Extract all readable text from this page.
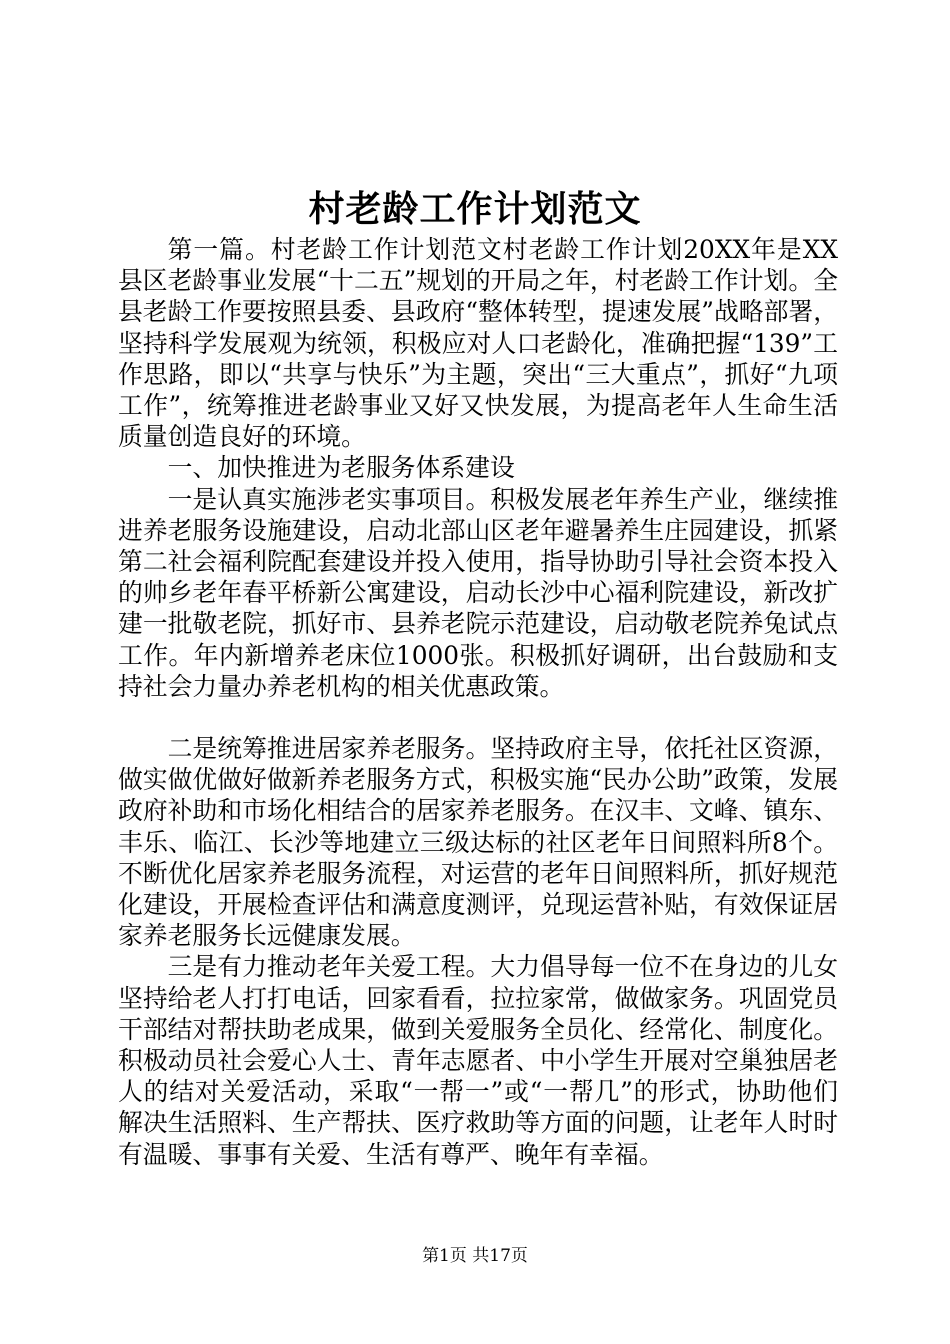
村老龄工作计划范文

第一篇。村老龄工作计划范文村老龄工作计划20XX年是XX县区老龄事业发展“十二五”规划的开局之年，村老龄工作计划。全县老龄工作要按照县委、县政府“整体转型，提速发展”战略部署，坚持科学发展观为统领，积极应对人口老龄化，准确把握“139”工作思路，即以“共享与快乐”为主题，突出“三大重点”，抓好“九项工作”，统筹推进老龄事业又好又快发展，为提高老年人生命生活质量创造良好的环境。

一、加快推进为老服务体系建设

一是认真实施涉老实事项目。积极发展老年养生产业，继续推进养老服务设施建设，启动北部山区老年避暑养生庄园建设，抓紧第二社会福利院配套建设并投入使用，指导协助引导社会资本投入的帅乡老年春平桥新公寓建设，启动长沙中心福利院建设，新改扩建一批敬老院，抓好市、县养老院示范建设，启动敬老院养兔试点工作。年内新增养老床位1000张。积极抓好调研，出台鼓励和支持社会力量办养老机构的相关优惠政策。

二是统筹推进居家养老服务。坚持政府主导，依托社区资源，做实做优做好做新养老服务方式，积极实施“民办公助”政策，发展政府补助和市场化相结合的居家养老服务。在汉丰、文峰、镇东、丰乐、临江、长沙等地建立三级达标的社区老年日间照料所8个。不断优化居家养老服务流程，对运营的老年日间照料所，抓好规范化建设，开展检查评估和满意度测评，兑现运营补贴，有效保证居家养老服务长远健康发展。

三是有力推动老年关爱工程。大力倡导每一位不在身边的儿女坚持给老人打打电话，回家看看，拉拉家常，做做家务。巩固党员干部结对帮扶助老成果，做到关爱服务全员化、经常化、制度化。积极动员社会爱心人士、青年志愿者、中小学生开展对空巢独居老人的结对关爱活动，采取“一帮一”或“一帮几”的形式，协助他们解决生活照料、生产帮扶、医疗救助等方面的问题，让老年人时时有温暖、事事有关爱、生活有尊严、晚年有幸福。

第1页 共17页
